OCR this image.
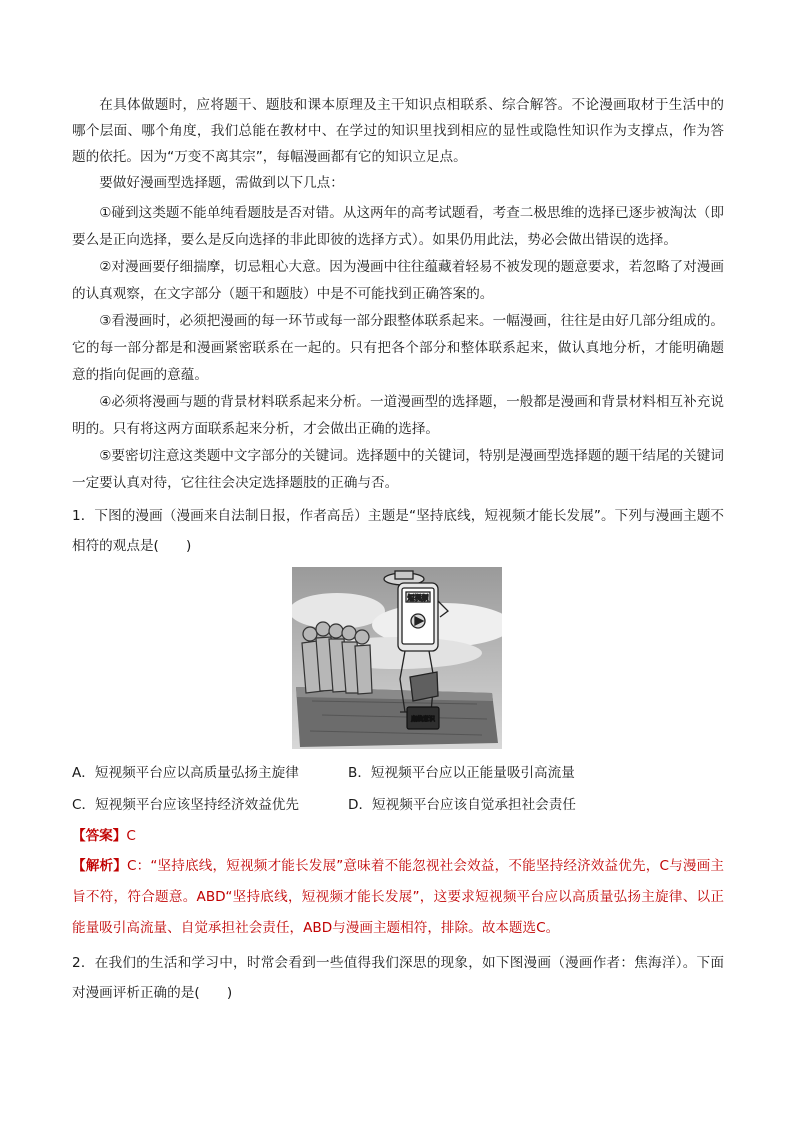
在具体做题时，应将题干、题肢和课本原理及主干知识点相联系、综合解答。不论漫画取材于生活中的哪个层面、哪个角度，我们总能在教材中、在学过的知识里找到相应的显性或隐性知识作为支撑点，作为答题的依托。因为“万变不离其宗”，每幅漫画都有它的知识立足点。

要做好漫画型选择题，需做到以下几点：

①碰到这类题不能单纯看题肢是否对错。从这两年的高考试题看，考查二极思维的选择已逐步被淘汰（即要么是正向选择，要么是反向选择的非此即彼的选择方式）。如果仍用此法，势必会做出错误的选择。

②对漫画要仔细揣摩，切忌粗心大意。因为漫画中往往蕴藏着轻易不被发现的题意要求，若忽略了对漫画的认真观察，在文字部分（题干和题肢）中是不可能找到正确答案的。

③看漫画时，必须把漫画的每一环节或每一部分跟整体联系起来。一幅漫画，往往是由好几部分组成的。它的每一部分都是和漫画紧密联系在一起的。只有把各个部分和整体联系起来，做认真地分析，才能明确题意的指向促画的意蕴。

④必须将漫画与题的背景材料联系起来分析。一道漫画型的选择题，一般都是漫画和背景材料相互补充说明的。只有将这两方面联系起来分析，才会做出正确的选择。

⑤要密切注意这类题中文字部分的关键词。选择题中的关键词，特别是漫画型选择题的题干结尾的关键词一定要认真对待，它往往会决定选择题肢的正确与否。

1．下图的漫画（漫画来自法制日报，作者高岳）主题是“坚持底线，短视频才能长发展”。下列与漫画主题不相符的观点是(　　)

短视频
底线意识
A．短视频平台应以高质量弘扬主旋律	B．短视频平台应以正能量吸引高流量
C．短视频平台应该坚持经济效益优先	D．短视频平台应该自觉承担社会责任
【答案】C
【解析】C：“坚持底线，短视频才能长发展”意味着不能忽视社会效益，不能坚持经济效益优先，C与漫画主旨不符，符合题意。ABD“坚持底线，短视频才能长发展”，这要求短视频平台应以高质量弘扬主旋律、以正能量吸引高流量、自觉承担社会责任，ABD与漫画主题相符，排除。故本题选C。

2．在我们的生活和学习中，时常会看到一些值得我们深思的现象，如下图漫画（漫画作者：焦海洋）。下面对漫画评析正确的是(　　)
